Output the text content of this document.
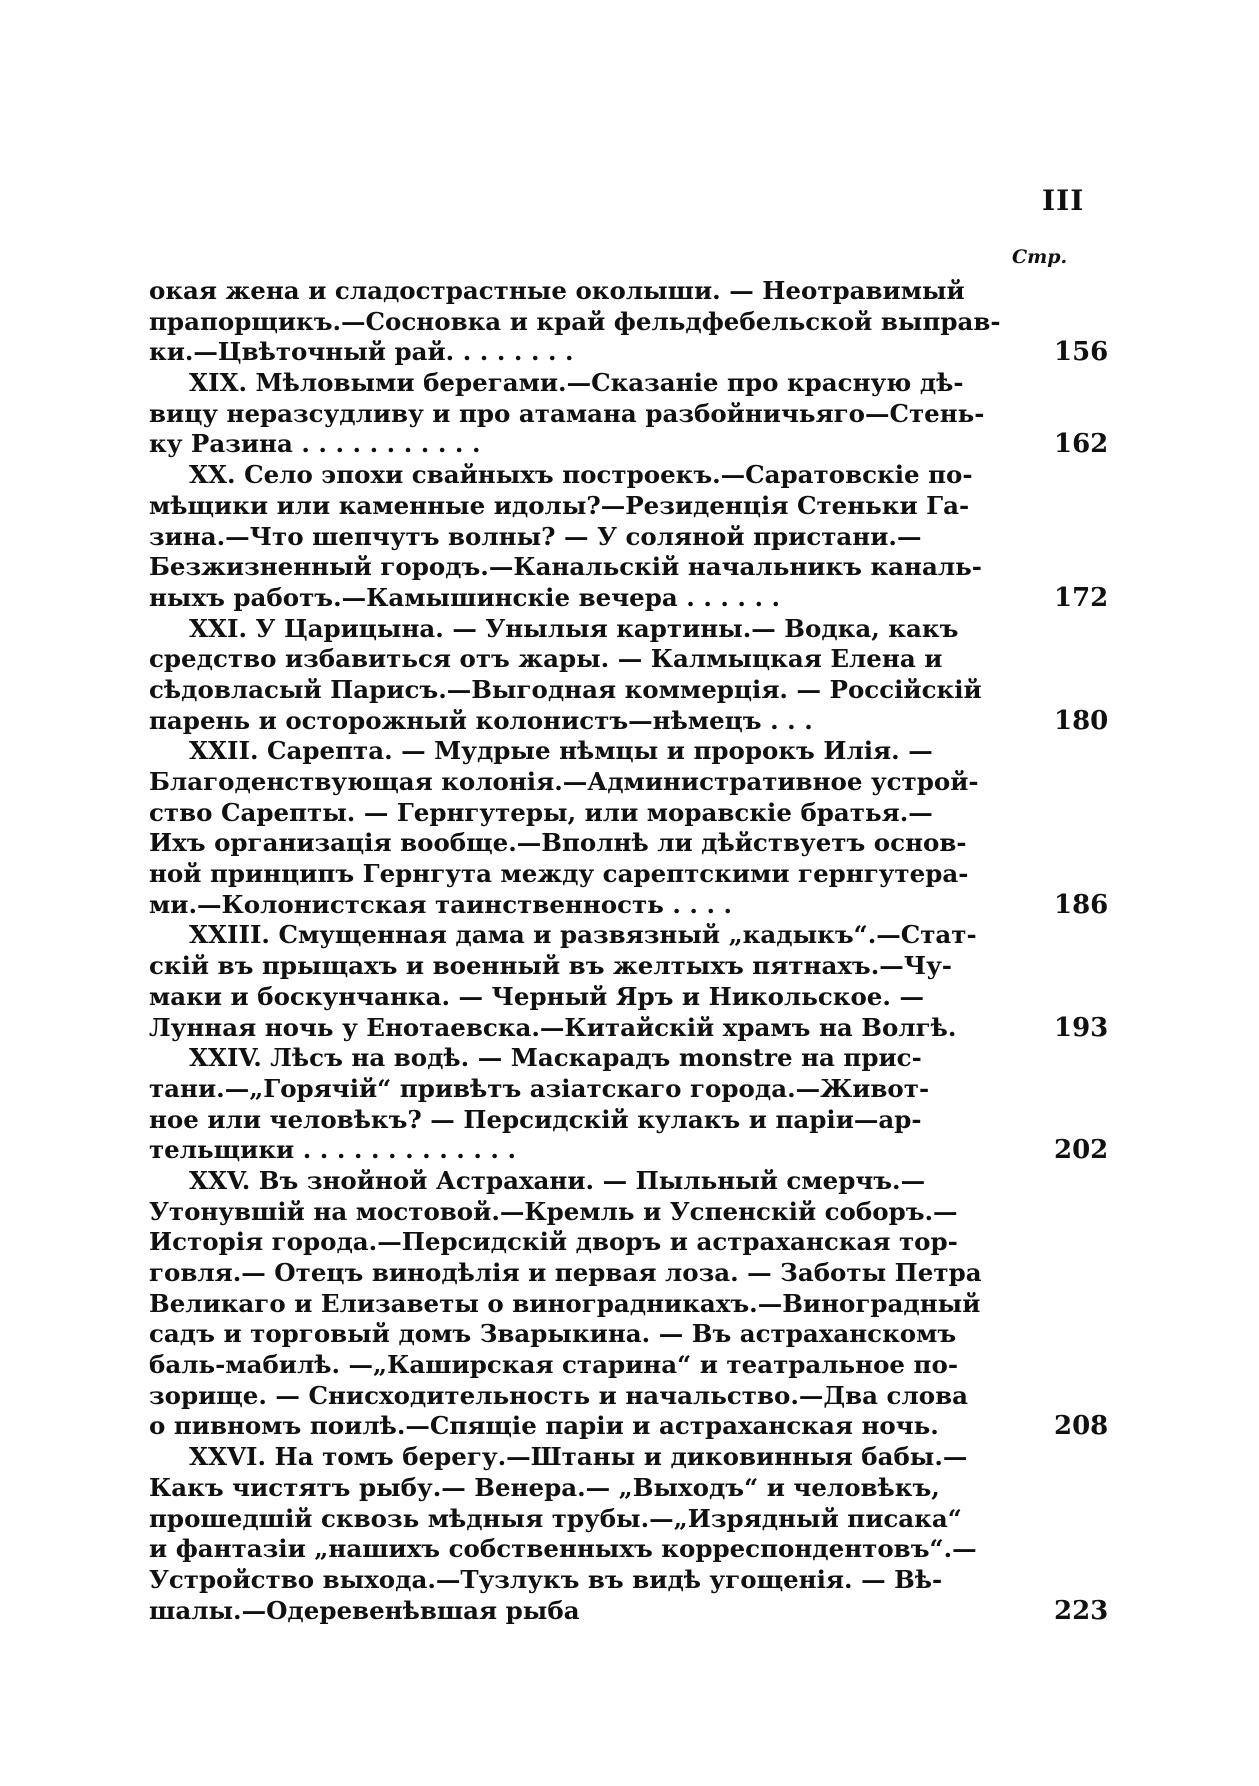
III
Стр.
окая жена и сладострастные околыши. — Неотравимый
прапорщикъ.—Сосновка и край фельдфебельской выправ-
ки.—Цвѣточный рай. . . . . . . .	156
XIX. Мѣловыми берегами.—Сказаніе про красную дѣ-
вицу неразсудливу и про атамана разбойничьяго—Стень-
ку Разина . . . . . . . . . . .	162
XX. Село эпохи свайныхъ построекъ.—Саратовскіе по-
мѣщики или каменные идолы?—Резиденція Стеньки Га-
зина.—Что шепчутъ волны? — У соляной пристани.—
Безжизненный городъ.—Канальскій начальникъ каналь-
ныхъ работъ.—Камышинскіе вечера . . . . . .	172
XXI. У Царицына. — Унылыя картины.— Водка, какъ
средство избавиться отъ жары. — Калмыцкая Елена и
сѣдовласый Парисъ.—Выгодная коммерція. — Россійскій
парень и осторожный колонистъ—нѣмецъ . . .	180
XXII. Сарепта. — Мудрые нѣмцы и пророкъ Илія. —
Благоденствующая колонія.—Административное устрой-
ство Сарепты. — Гернгутеры, или моравскіе братья.—
Ихъ организація вообще.—Вполнѣ ли дѣйствуетъ основ-
ной принципъ Гернгута между сарептскими гернгутера-
ми.—Колонистская таинственность . . . .	186
XXIII. Смущенная дама и развязный „кадыкъ“.—Стат-
скій въ прыщахъ и военный въ желтыхъ пятнахъ.—Чу-
маки и боскунчанка. — Черный Яръ и Никольское. —
Лунная ночь у Енотаевска.—Китайскій храмъ на Волгѣ.	193
XXIV. Лѣсъ на водѣ. — Маскарадъ monstre на прис-
тани.—„Горячій“ привѣтъ азіатскаго города.—Живот-
ное или человѣкъ? — Персидскій кулакъ и паріи—ар-
тельщики . . . . . . . . . . . . .	202
XXV. Въ знойной Астрахани. — Пыльный смерчъ.—
Утонувшій на мостовой.—Кремль и Успенскій соборъ.—
Исторія города.—Персидскій дворъ и астраханская тор-
говля.— Отецъ винодѣлія и первая лоза. — Заботы Петра
Великаго и Елизаветы о виноградникахъ.—Виноградный
садъ и торговый домъ Зварыкина. — Въ астраханскомъ
баль-мабилѣ. —„Каширская старина“ и театральное по-
зорище. — Снисходительность и начальство.—Два слова
о пивномъ поилѣ.—Спящіе паріи и астраханская ночь.	208
XXVI. На томъ берегу.—Штаны и диковинныя бабы.—
Какъ чистятъ рыбу.— Венера.— „Выходъ“ и человѣкъ,
прошедшій сквозь мѣдныя трубы.—„Изрядный писака“
и фантазіи „нашихъ собственныхъ корреспондентовъ“.—
Устройство выхода.—Тузлукъ въ видѣ угощенія. — Вѣ-
шалы.—Одеревенѣвшая рыба	223
